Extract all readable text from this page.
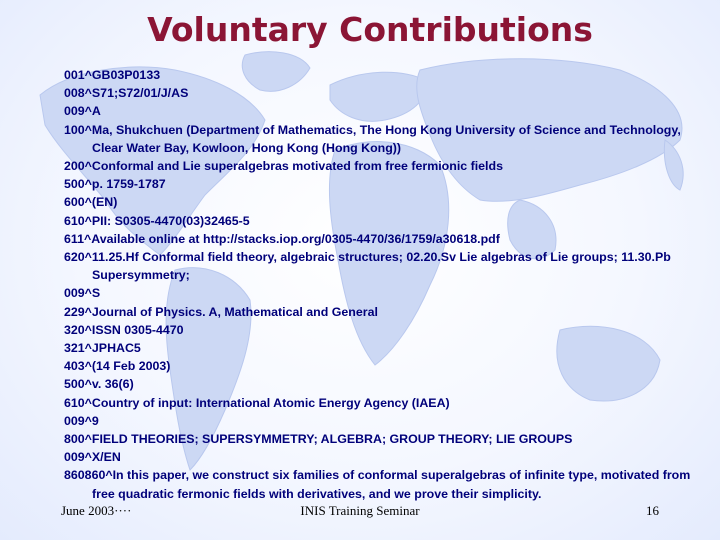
Voluntary Contributions
001^GB03P0133
008^S71;S72/01/J/AS
009^A
100^Ma, Shukchuen (Department of Mathematics, The Hong Kong University of Science and Technology, Clear Water Bay, Kowloon, Hong Kong (Hong Kong))
200^Conformal and Lie superalgebras motivated from free fermionic fields
500^p. 1759-1787
600^(EN)
610^PII: S0305-4470(03)32465-5
611^Available online at http://stacks.iop.org/0305-4470/36/1759/a30618.pdf
620^11.25.Hf Conformal field theory, algebraic structures; 02.20.Sv Lie algebras of Lie groups; 11.30.Pb Supersymmetry;
009^S
229^Journal of Physics. A, Mathematical and General
320^ISSN 0305-4470
321^JPHAC5
403^(14 Feb 2003)
500^v. 36(6)
610^Country of input: International Atomic Energy Agency (IAEA)
009^9
800^FIELD THEORIES; SUPERSYMMETRY; ALGEBRA; GROUP THEORY; LIE GROUPS
009^X/EN
860860^In this paper, we construct six families of conformal superalgebras of infinite type, motivated from free quadratic fermonic fields with derivatives, and we prove their simplicity.
June 2003····	INIS Training Seminar	16
